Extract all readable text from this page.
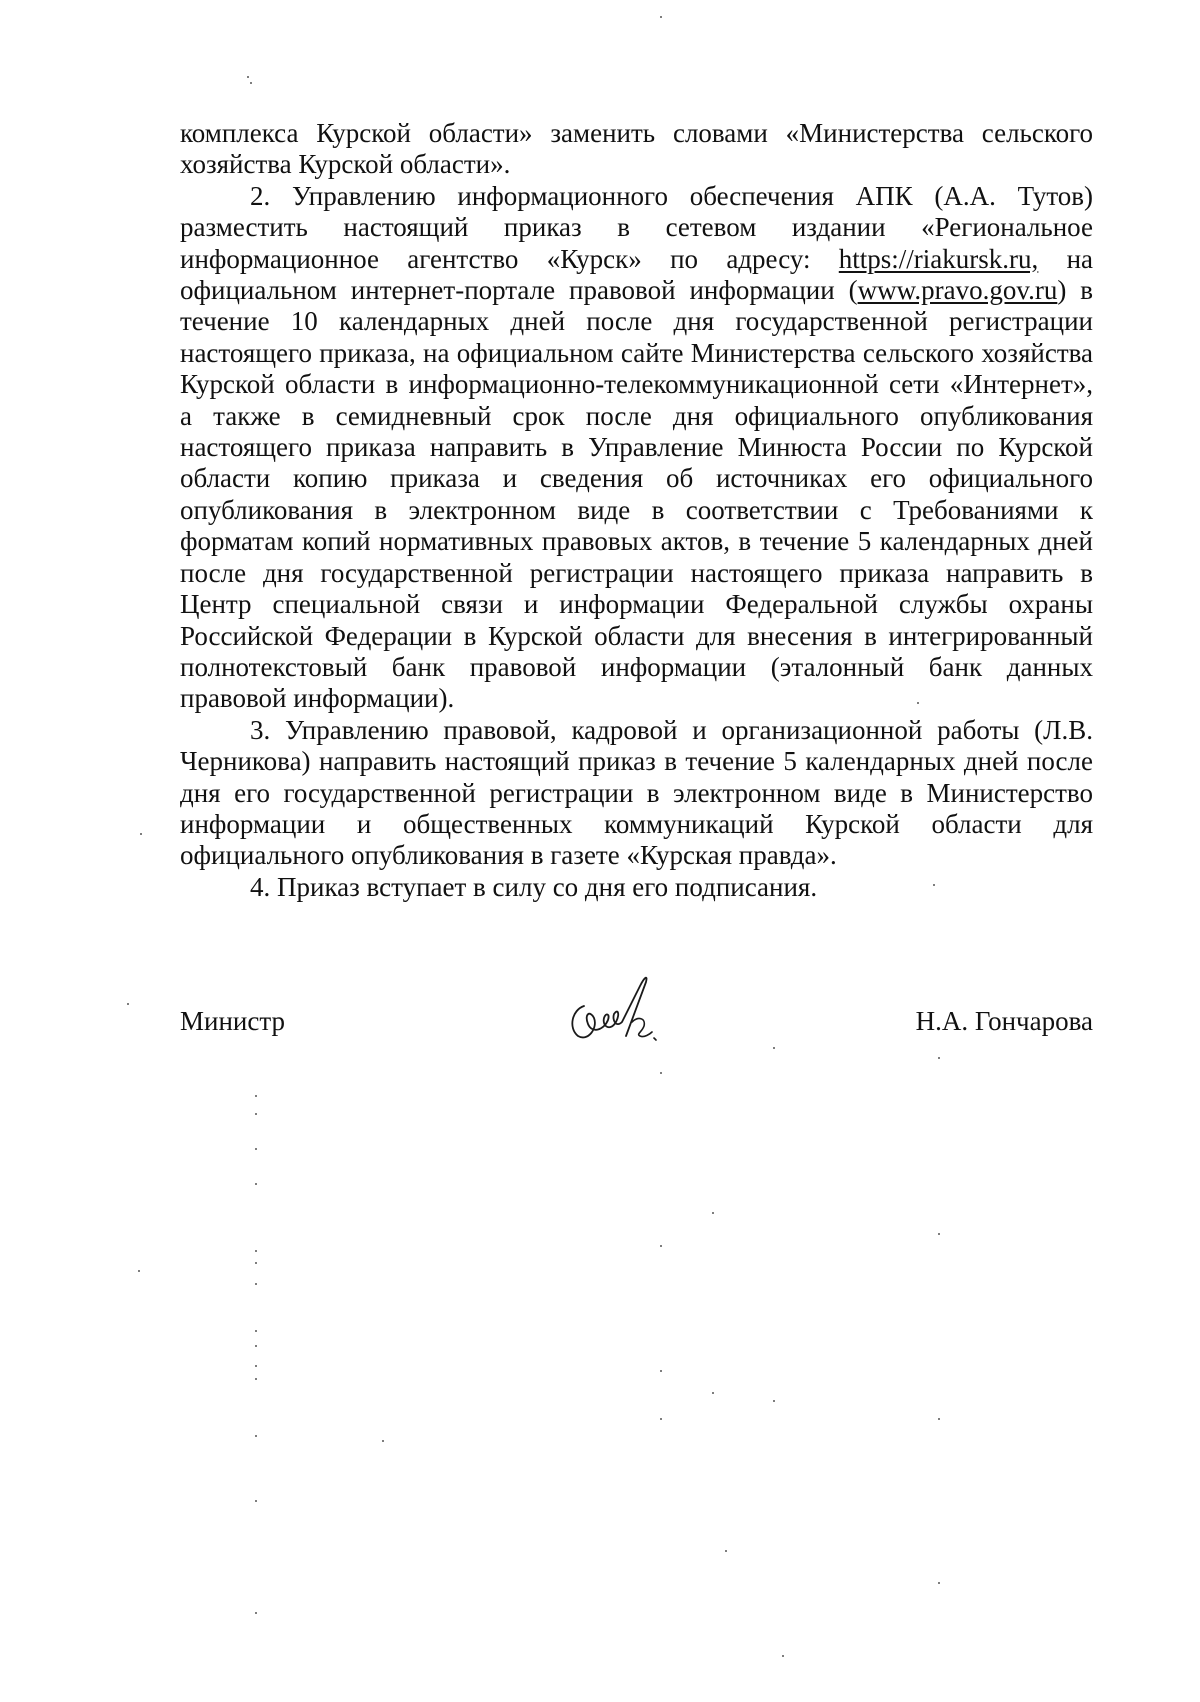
комплекса Курской области» заменить словами «Министерства сельского хозяйства Курской области».

2. Управлению информационного обеспечения АПК (А.А. Тутов) разместить настоящий приказ в сетевом издании «Региональное информационное агентство «Курск» по адресу: https://riakursk.ru, на официальном интернет-портале правовой информации (www.pravo.gov.ru) в течение 10 календарных дней после дня государственной регистрации настоящего приказа, на официальном сайте Министерства сельского хозяйства Курской области в информационно-телекоммуникационной сети «Интернет», а также в семидневный срок после дня официального опубликования настоящего приказа направить в Управление Минюста России по Курской области копию приказа и сведения об источниках его официального опубликования в электронном виде в соответствии с Требованиями к форматам копий нормативных правовых актов, в течение 5 календарных дней после дня государственной регистрации настоящего приказа направить в Центр специальной связи и информации Федеральной службы охраны Российской Федерации в Курской области для внесения в интегрированный полнотекстовый банк правовой информации (эталонный банк данных правовой информации).

3. Управлению правовой, кадровой и организационной работы (Л.В. Черникова) направить настоящий приказ в течение 5 календарных дней после дня его государственной регистрации в электронном виде в Министерство информации и общественных коммуникаций Курской области для официального опубликования в газете «Курская правда».

4. Приказ вступает в силу со дня его подписания.

Министр	Н.А. Гончарова
